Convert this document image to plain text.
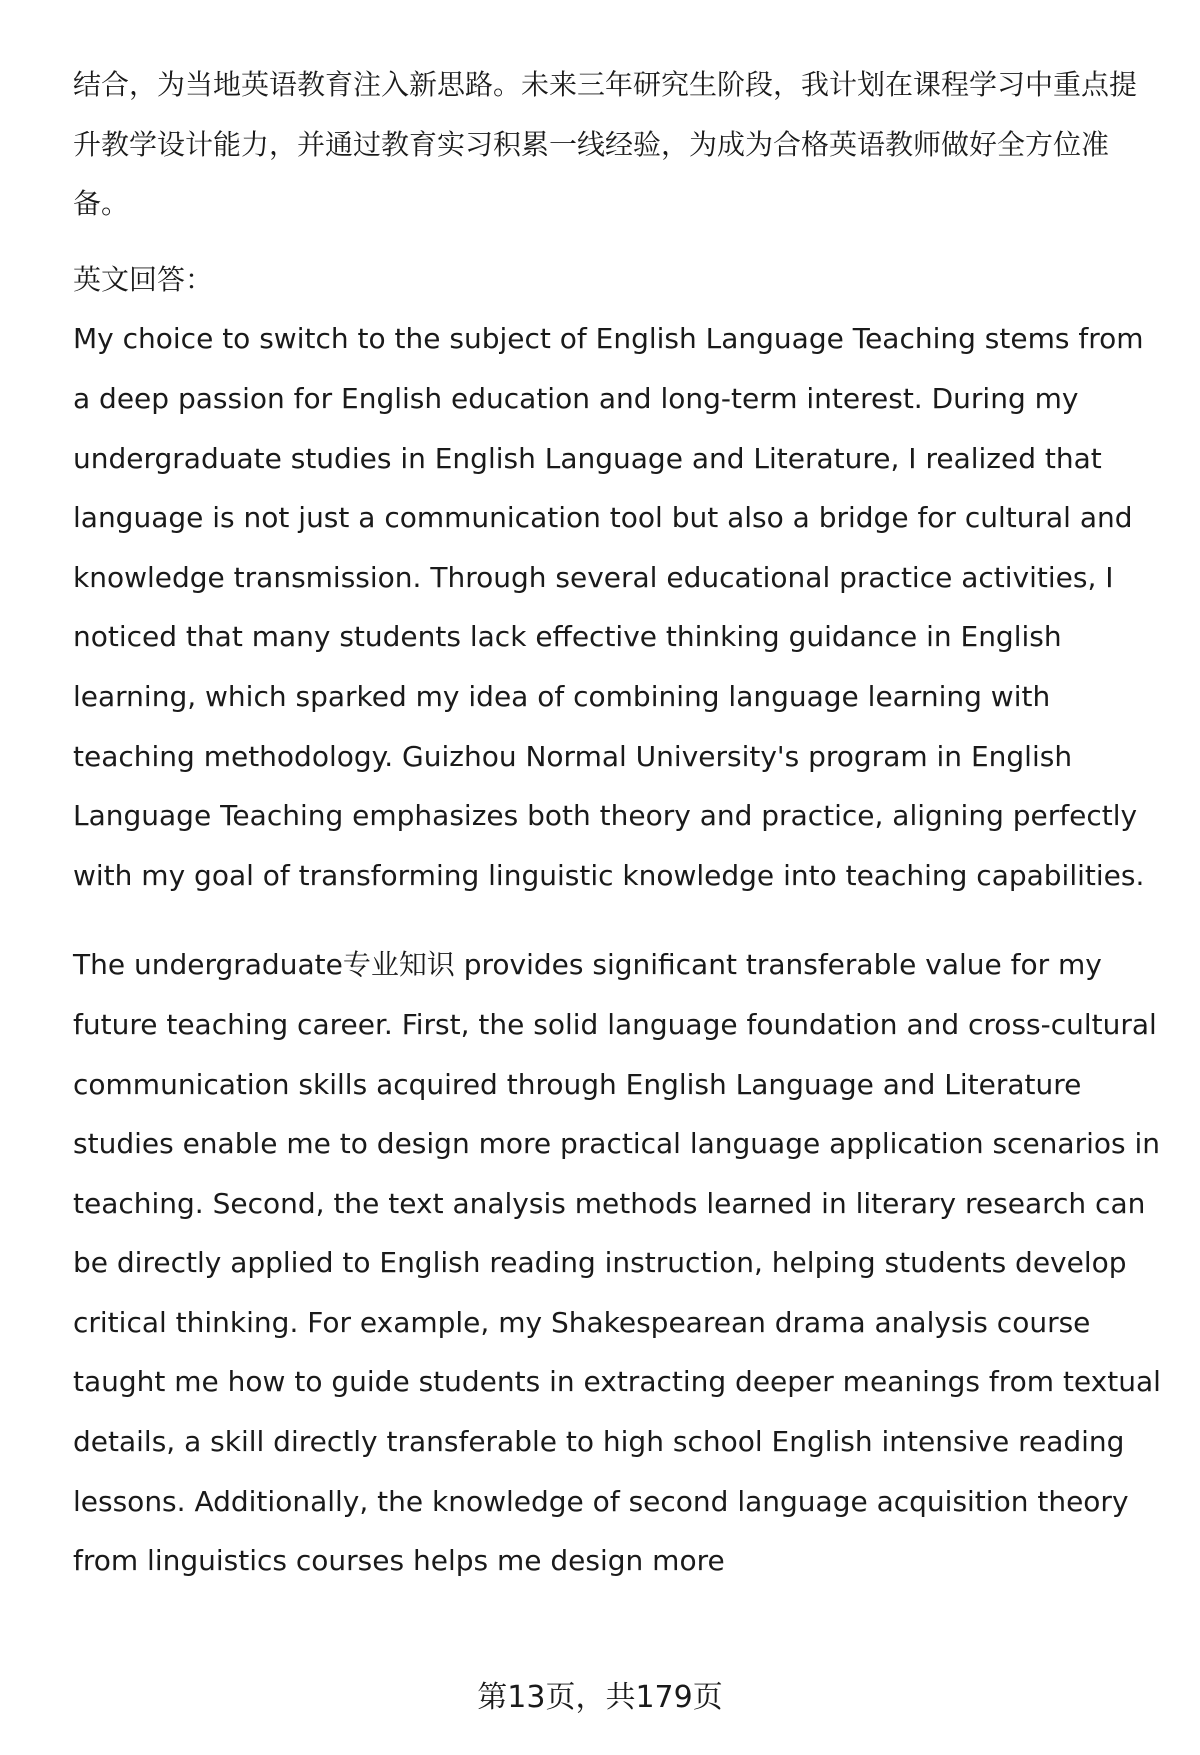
结合，为当地英语教育注入新思路。未来三年研究生阶段，我计划在课程学习中重点提升教学设计能力，并通过教育实习积累一线经验，为成为合格英语教师做好全方位准备。

英文回答：

My choice to switch to the subject of English Language Teaching stems from a deep passion for English education and long-term interest. During my undergraduate studies in English Language and Literature, I realized that language is not just a communication tool but also a bridge for cultural and knowledge transmission. Through several educational practice activities, I noticed that many students lack effective thinking guidance in English learning, which sparked my idea of combining language learning with teaching methodology. Guizhou Normal University's program in English Language Teaching emphasizes both theory and practice, aligning perfectly with my goal of transforming linguistic knowledge into teaching capabilities.

The undergraduate专业知识 provides significant transferable value for my future teaching career. First, the solid language foundation and cross-cultural communication skills acquired through English Language and Literature studies enable me to design more practical language application scenarios in teaching. Second, the text analysis methods learned in literary research can be directly applied to English reading instruction, helping students develop critical thinking. For example, my Shakespearean drama analysis course taught me how to guide students in extracting deeper meanings from textual details, a skill directly transferable to high school English intensive reading lessons. Additionally, the knowledge of second language acquisition theory from linguistics courses helps me design more

第13页，共179页
